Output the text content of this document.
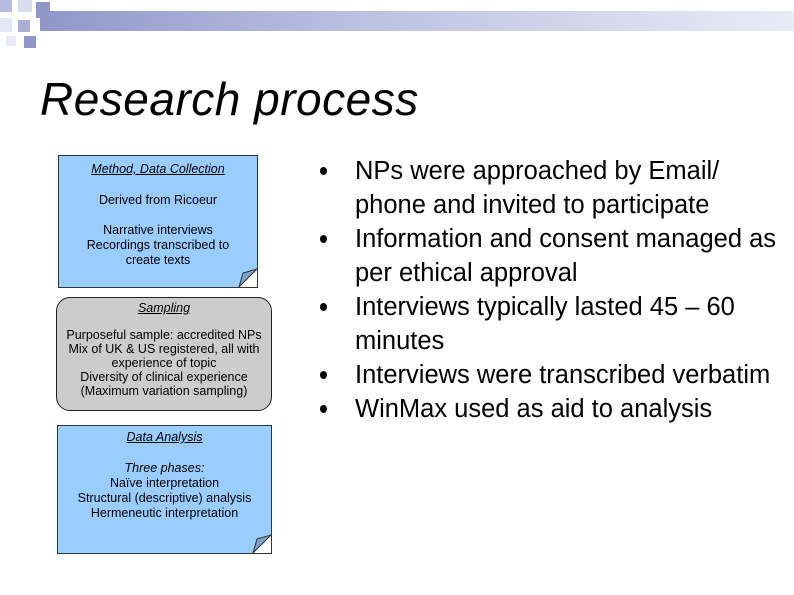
Research process

Method, Data Collection

Derived from Ricoeur

Narrative interviews

Recordings transcribed to

create texts

Sampling

Purposeful sample: accredited NPs

Mix of UK & US registered, all with

experience of topic

Diversity of clinical experience

(Maximum variation sampling)

Data Analysis

Three phases:

Naïve interpretation

Structural (descriptive) analysis

Hermeneutic interpretation

NPs were approached by Email/ phone and invited to participate
Information and consent managed as per ethical approval
Interviews typically lasted 45 – 60 minutes
Interviews were transcribed verbatim
WinMax used as aid to analysis
